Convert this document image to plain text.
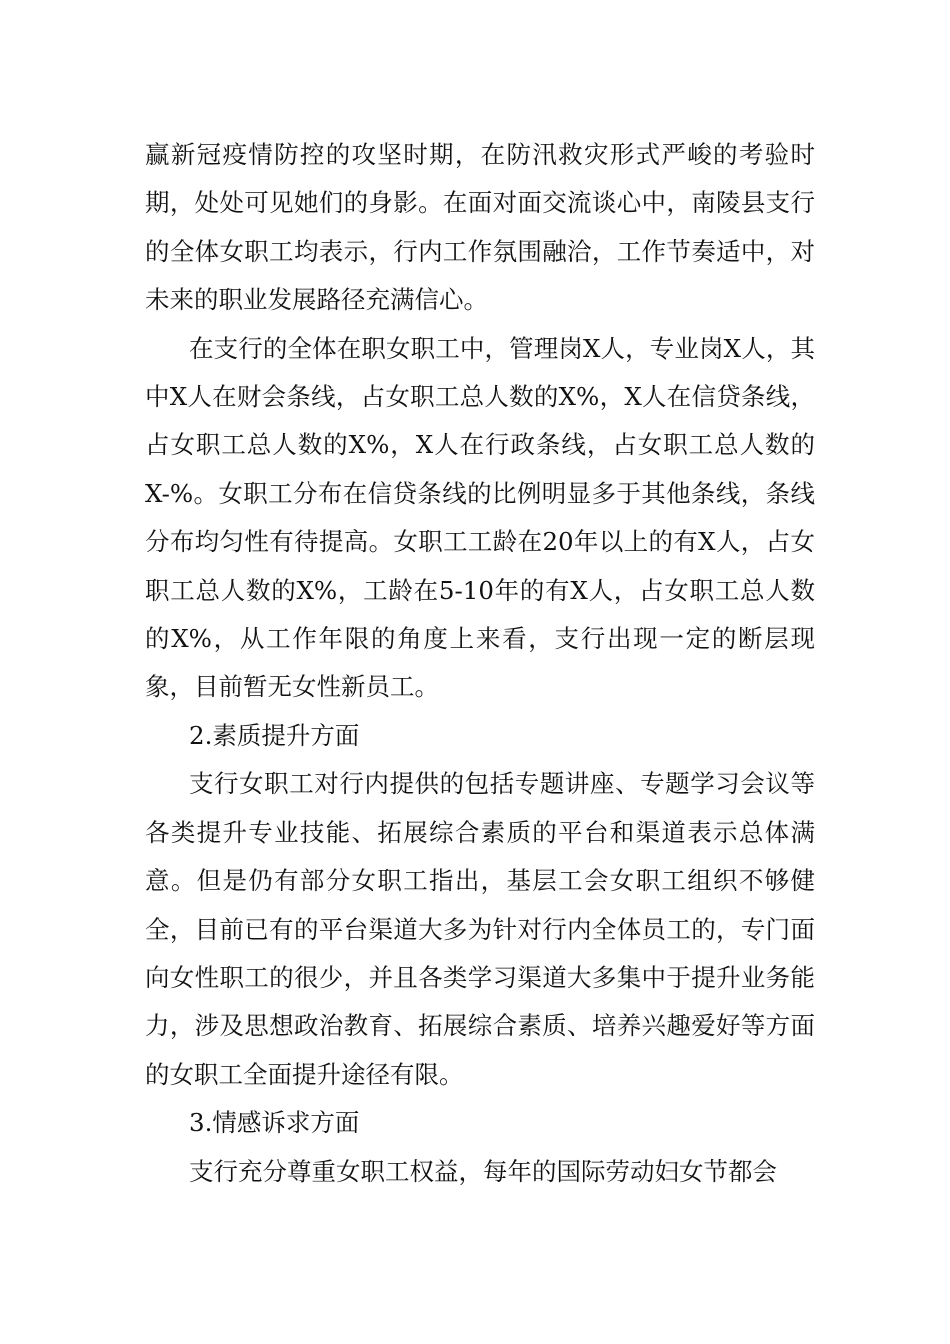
赢新冠疫情防控的攻坚时期，在防汛救灾形式严峻的考验时期，处处可见她们的身影。在面对面交流谈心中，南陵县支行的全体女职工均表示，行内工作氛围融洽，工作节奏适中，对未来的职业发展路径充满信心。

在支行的全体在职女职工中，管理岗X人，专业岗X人，其中X人在财会条线，占女职工总人数的X%，X人在信贷条线，占女职工总人数的X%，X人在行政条线，占女职工总人数的X-%。女职工分布在信贷条线的比例明显多于其他条线，条线分布均匀性有待提高。女职工工龄在20年以上的有X人，占女职工总人数的X%，工龄在5-10年的有X人，占女职工总人数的X%，从工作年限的角度上来看，支行出现一定的断层现象，目前暂无女性新员工。

2.素质提升方面

支行女职工对行内提供的包括专题讲座、专题学习会议等各类提升专业技能、拓展综合素质的平台和渠道表示总体满意。但是仍有部分女职工指出，基层工会女职工组织不够健全，目前已有的平台渠道大多为针对行内全体员工的，专门面向女性职工的很少，并且各类学习渠道大多集中于提升业务能力，涉及思想政治教育、拓展综合素质、培养兴趣爱好等方面的女职工全面提升途径有限。

3.情感诉求方面

支行充分尊重女职工权益，每年的国际劳动妇女节都会
